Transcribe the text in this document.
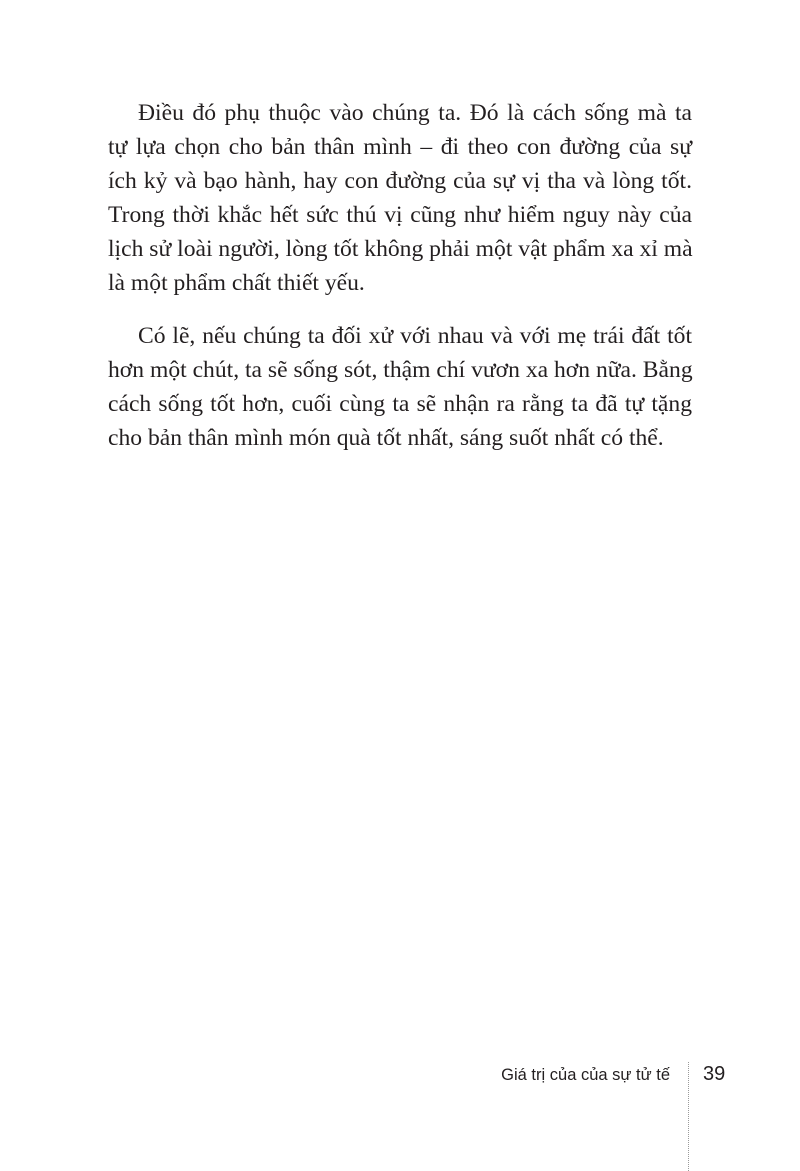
Điều đó phụ thuộc vào chúng ta. Đó là cách sống mà ta
tự lựa chọn cho bản thân mình – đi theo con đường của sự
ích kỷ và bạo hành, hay con đường của sự vị tha và lòng tốt.
Trong thời khắc hết sức thú vị cũng như hiểm nguy này của
lịch sử loài người, lòng tốt không phải một vật phẩm xa xỉ mà
là một phẩm chất thiết yếu.

Có lẽ, nếu chúng ta đối xử với nhau và với mẹ trái đất tốt
hơn một chút, ta sẽ sống sót, thậm chí vươn xa hơn nữa. Bằng
cách sống tốt hơn, cuối cùng ta sẽ nhận ra rằng ta đã tự tặng
cho bản thân mình món quà tốt nhất, sáng suốt nhất có thể.

Giá trị của của sự tử tế 39
